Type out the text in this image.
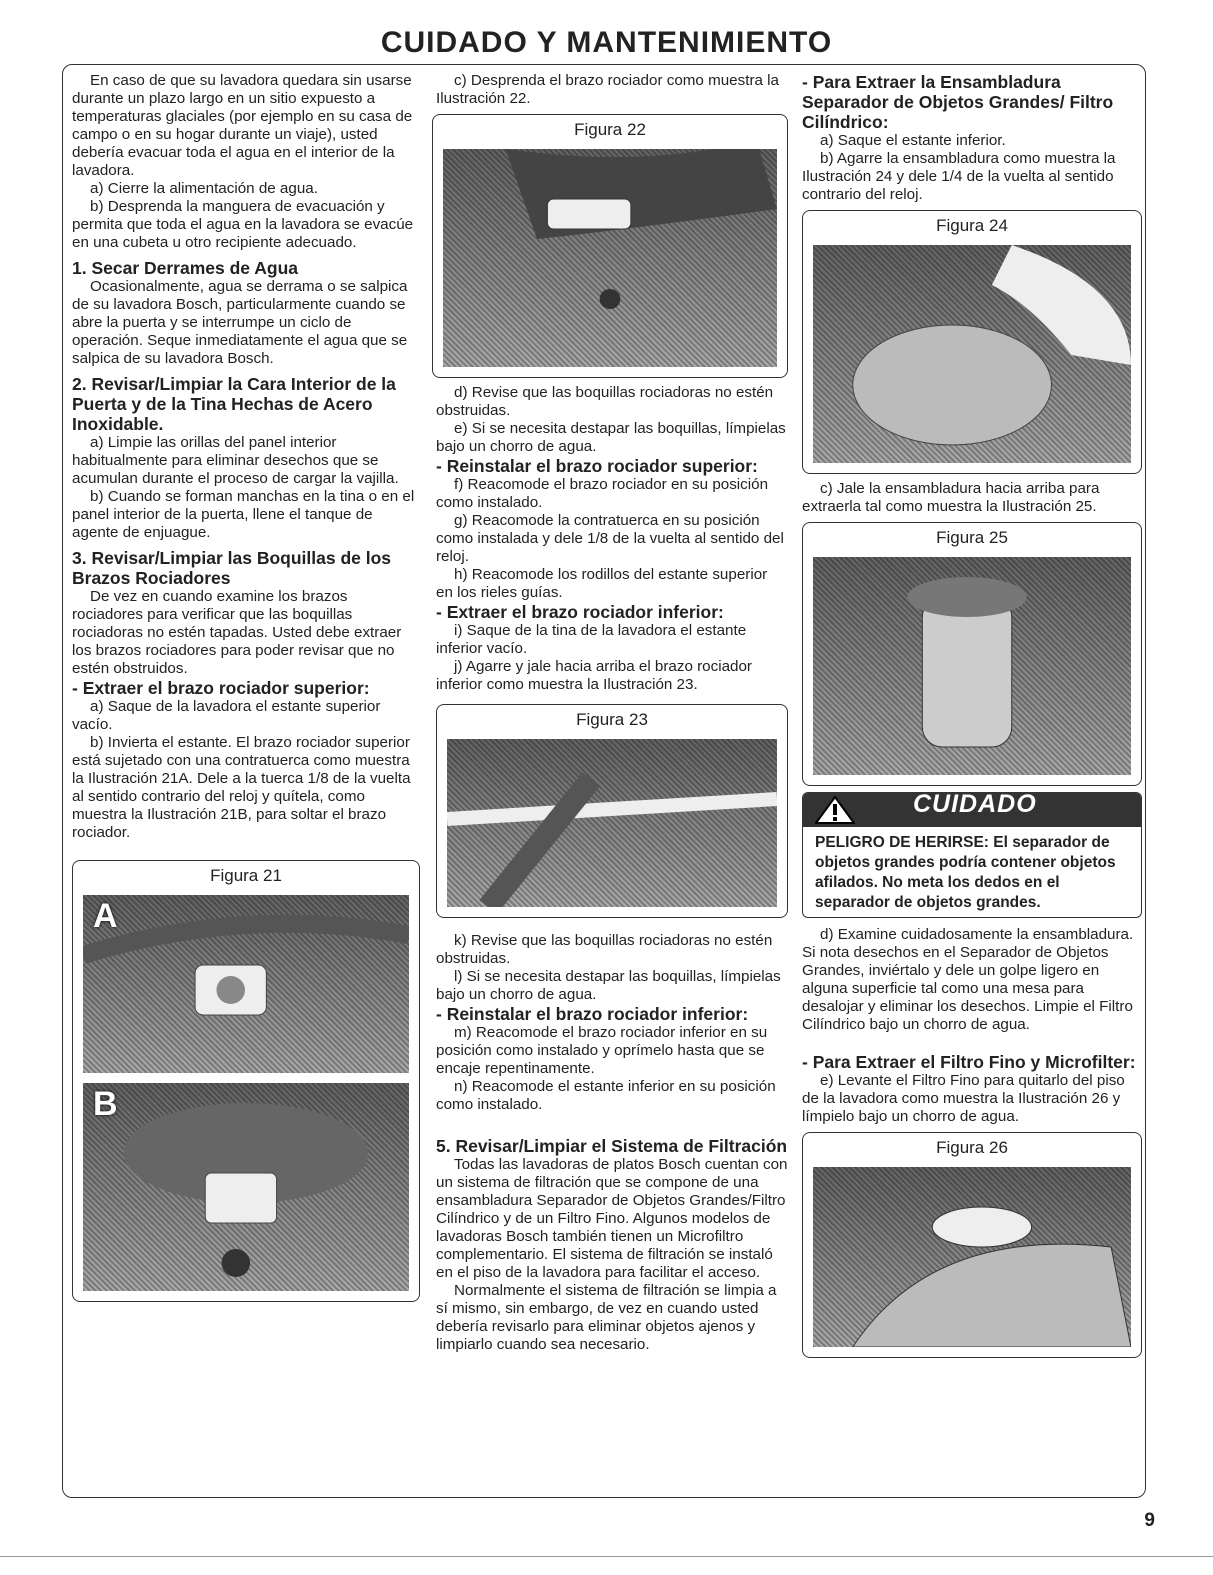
CUIDADO Y MANTENIMIENTO

En caso de que su lavadora quedara sin usarse durante un plazo largo en un sitio expuesto a temperaturas glaciales (por ejemplo en su casa de campo o en su hogar durante un viaje), usted debería evacuar toda el agua en el interior de la lavadora.

a) Cierre la alimentación de agua.

b) Desprenda la manguera de evacuación y permita que toda el agua en la lavadora se evacúe en una cubeta u otro recipiente adecuado.

1. Secar Derrames de Agua

Ocasionalmente, agua se derrama o se salpica de su lavadora Bosch, particularmente cuando se abre la puerta y se interrumpe un ciclo de operación. Seque inmediatamente el agua que se salpica de su lavadora Bosch.

2. Revisar/Limpiar la Cara Interior de la Puerta y de la Tina Hechas de Acero Inoxidable.

a) Limpie las orillas del panel interior habitualmente para eliminar desechos que se acumulan durante el proceso de cargar la vajilla.

b) Cuando se forman manchas en la tina o en el panel interior de la puerta, llene el tanque de agente de enjuague.

3. Revisar/Limpiar las Boquillas de los Brazos Rociadores

De vez en cuando examine los brazos rociadores para verificar que las boquillas rociadoras no estén tapadas. Usted debe extraer los brazos rociadores para poder revisar que no estén obstruidos.

- Extraer el brazo rociador superior:

a) Saque de la lavadora el estante superior vacío.

b) Invierta el estante. El brazo rociador superior está sujetado con una contratuerca como muestra la Ilustración 21A. Dele a la tuerca 1/8 de la vuelta al sentido contrario del reloj y quítela, como muestra la Ilustración 21B, para soltar el brazo rociador.

Figura 21
A
B

c) Desprenda el brazo rociador como muestra la Ilustración 22.

Figura 22

d) Revise que las boquillas rociadoras no estén obstruidas.

e) Si se necesita destapar las boquillas, límpielas bajo un chorro de agua.

- Reinstalar el brazo rociador superior:

f) Reacomode el brazo rociador en su posición como instalado.

g) Reacomode la contratuerca en su posición como instalada y dele 1/8 de la vuelta al sentido del reloj.

h) Reacomode los rodillos del estante superior en los rieles guías.

- Extraer el brazo rociador inferior:

i) Saque de la tina de la lavadora el estante inferior vacío.

j) Agarre y jale hacia arriba el brazo rociador inferior como muestra la Ilustración 23.

Figura 23

k) Revise que las boquillas rociadoras no estén obstruidas.

l) Si se necesita destapar las boquillas, límpielas bajo un chorro de agua.

- Reinstalar el brazo rociador inferior:

m) Reacomode el brazo rociador inferior en su posición como instalado y oprímelo hasta que se encaje repentinamente.

n) Reacomode el estante inferior en su posición como instalado.

5. Revisar/Limpiar el Sistema de Filtración

Todas las lavadoras de platos Bosch cuentan con un sistema de filtración que se compone de una ensambladura Separador de Objetos Grandes/Filtro Cilíndrico y de un Filtro Fino. Algunos modelos de lavadoras Bosch también tienen un Microfiltro complementario. El sistema de filtración se instaló en el piso de la lavadora para facilitar el acceso.

Normalmente el sistema de filtración se limpia a sí mismo, sin embargo, de vez en cuando usted debería revisarlo para eliminar objetos ajenos y limpiarlo cuando sea necesario.

- Para Extraer la Ensambladura Separador de Objetos Grandes/ Filtro Cilíndrico:

a) Saque el estante inferior.

b) Agarre la ensambladura como muestra la Ilustración 24 y dele 1/4 de la vuelta al sentido contrario del reloj.

Figura 24

c) Jale la ensambladura hacia arriba para extraerla tal como muestra la Ilustración 25.

Figura 25
CUIDADO
PELIGRO DE HERIRSE: El separador de objetos grandes podría contener objetos afilados. No meta los dedos en el separador de objetos grandes.

d) Examine cuidadosamente la ensambladura. Si nota desechos en el Separador de Objetos Grandes, inviértalo y dele un golpe ligero en alguna superficie tal como una mesa para desalojar y eliminar los desechos. Limpie el Filtro Cilíndrico bajo un chorro de agua.

- Para Extraer el Filtro Fino y Microfilter:

e) Levante el Filtro Fino para quitarlo del piso de la lavadora como muestra la Ilustración 26 y límpielo bajo un chorro de agua.

Figura 26
9
